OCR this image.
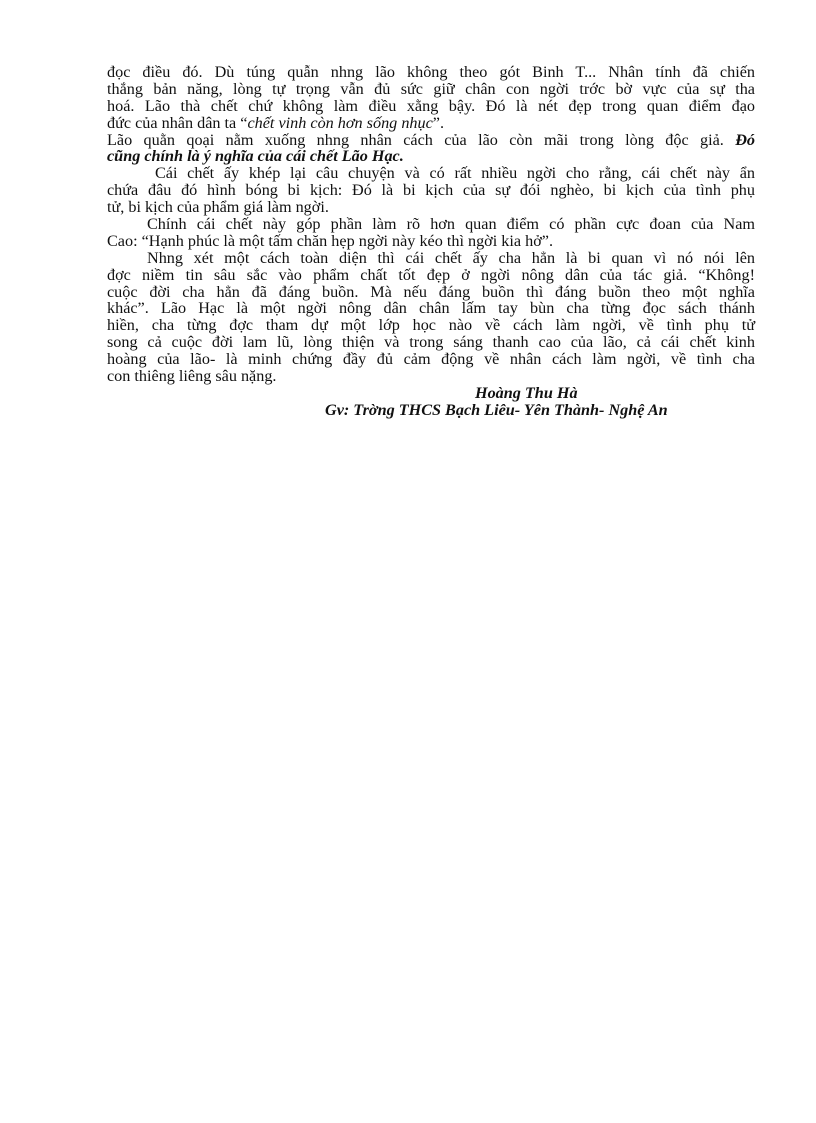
đọc điều đó. Dù túng quẫn nhng lão không theo gót Binh T... Nhân tính đã chiến
thắng bản năng, lòng tự trọng vẫn đủ sức giữ chân con ngời trớc bờ vực của sự tha
hoá. Lão thà chết chứ không làm điều xằng bậy. Đó là nét đẹp trong quan điểm đạo
đức của nhân dân ta “chết vinh còn hơn sống nhục”.
Lão quằn qoại nằm xuống nhng nhân cách của lão còn mãi trong lòng độc giả. Đó
cũng chính là ý nghĩa của cái chết Lão Hạc.
Cái chết ấy khép lại câu chuyện và có rất nhiều ngời cho rằng, cái chết này ẩn
chứa đâu đó hình bóng bi kịch: Đó là bi kịch của sự đói nghèo, bi kịch của tình phụ
tử, bi kịch của phẩm giá làm ngời.
Chính cái chết này góp phần làm rõ hơn quan điểm có phần cực đoan của Nam
Cao: “Hạnh phúc là một tấm chăn hẹp ngời này kéo thì ngời kia hở”.
Nhng xét một cách toàn diện thì cái chết ấy cha hẳn là bi quan vì nó nói lên
đợc niềm tin sâu sắc vào phẩm chất tốt đẹp ở ngời nông dân của tác giả. “Không!
cuộc đời cha hẳn đã đáng buồn. Mà nếu đáng buồn thì đáng buồn theo một nghĩa
khác”. Lão Hạc là một ngời nông dân chân lấm tay bùn cha từng đọc sách thánh
hiền, cha từng đợc tham dự một lớp học nào về cách làm ngời, về tình phụ tử
song cả cuộc đời lam lũ, lòng thiện và trong sáng thanh cao của lão, cả cái chết kinh
hoàng của lão- là minh chứng đầy đủ cảm động về nhân cách làm ngời, về tình cha
con thiêng liêng sâu nặng.
Hoàng Thu Hà
Gv: Trờng THCS Bạch Liêu- Yên Thành- Nghệ An
